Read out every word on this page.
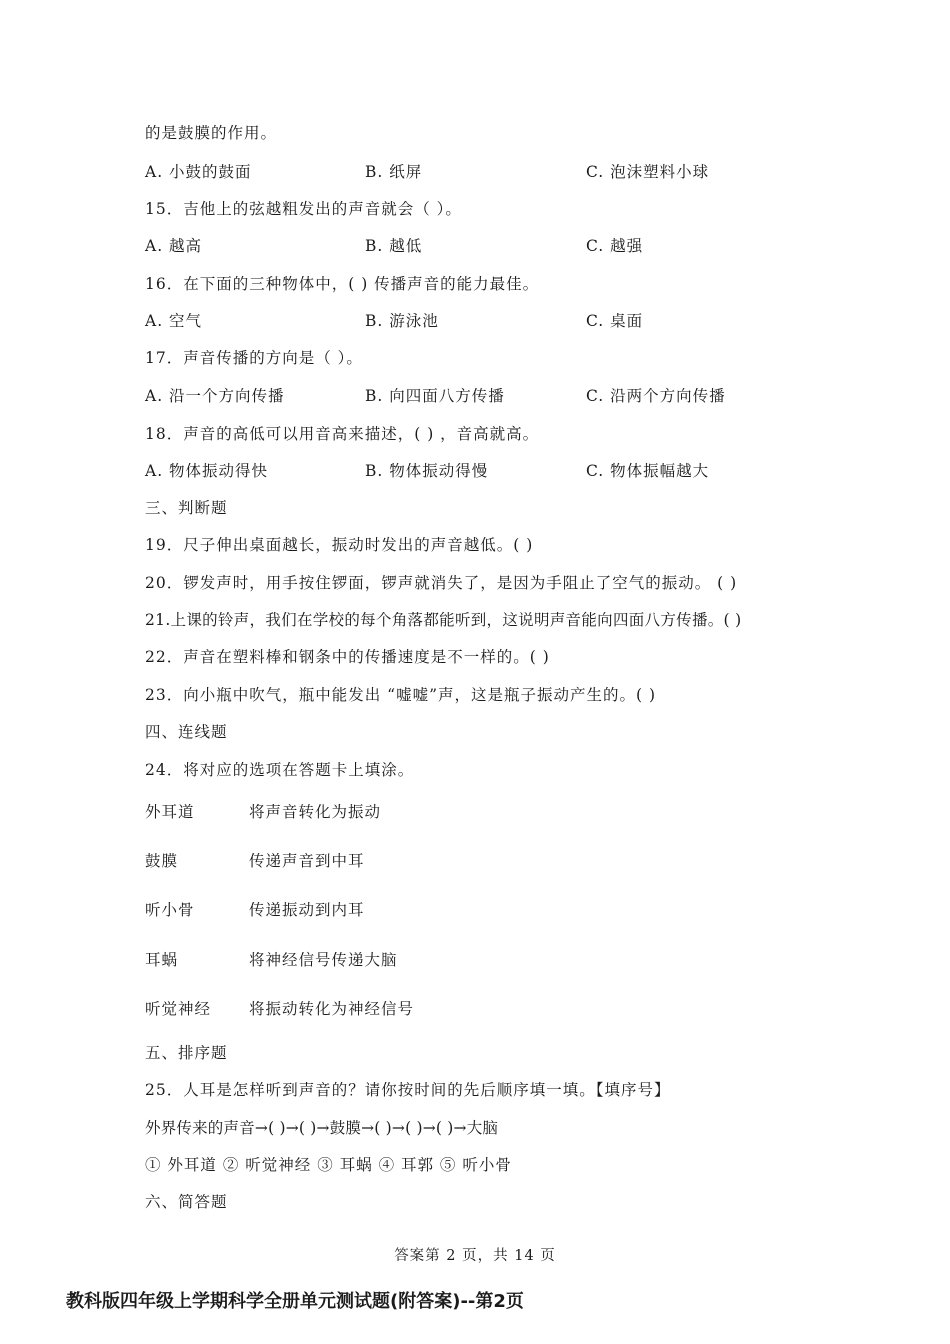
的是鼓膜的作用。
A. 小鼓的鼓面	B. 纸屏	C. 泡沫塑料小球
15．吉他上的弦越粗发出的声音就会（ ）。
A. 越高	B. 越低	C. 越强
16．在下面的三种物体中，( ) 传播声音的能力最佳。
A. 空气	B. 游泳池	C. 桌面
17．声音传播的方向是（ ）。
A. 沿一个方向传播	B. 向四面八方传播	C. 沿两个方向传播
18．声音的高低可以用音高来描述，( ) ，音高就高。
A. 物体振动得快	B. 物体振动得慢	C. 物体振幅越大
三、判断题
19．尺子伸出桌面越长，振动时发出的声音越低。( )
20．锣发声时，用手按住锣面，锣声就消失了，是因为手阻止了空气的振动。 ( )
21.上课的铃声，我们在学校的每个角落都能听到，这说明声音能向四面八方传播。( )
22．声音在塑料棒和钢条中的传播速度是不一样的。( )
23．向小瓶中吹气，瓶中能发出 “嘘嘘”声，这是瓶子振动产生的。( )
四、连线题
24．将对应的选项在答题卡上填涂。
外耳道	将声音转化为振动
鼓膜	传递声音到中耳
听小骨	传递振动到内耳
耳蜗	将神经信号传递大脑
听觉神经 将振动转化为神经信号
五、排序题
25．人耳是怎样听到声音的？请你按时间的先后顺序填一填。【填序号】
外界传来的声音→( )→( )→鼓膜→( )→( )→( )→大脑
① 外耳道 ② 听觉神经 ③ 耳蜗 ④ 耳郭 ⑤ 听小骨
六、简答题
答案第 2 页，共 14 页
教科版四年级上学期科学全册单元测试题(附答案)--第2页
